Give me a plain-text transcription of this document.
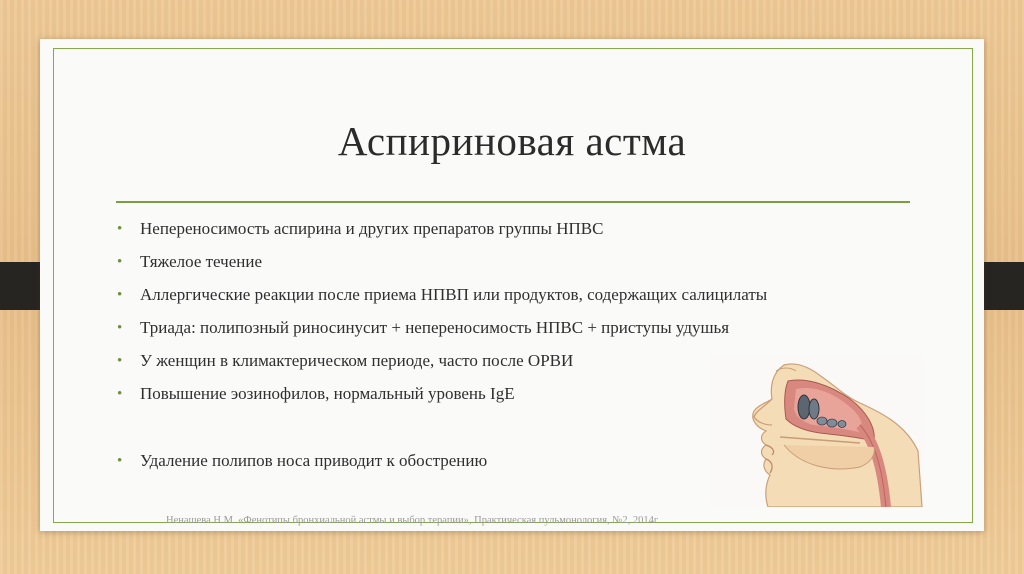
Аспириновая астма
• Непереносимость аспирина и других препаратов группы НПВС
• Тяжелое течение
• Аллергические реакции после приема НПВП или продуктов, содержащих салицилаты
• Триада: полипозный риносинусит + непереносимость НПВС + приступы удушья
• У женщин в климактерическом периоде, часто после ОРВИ
• Повышение эозинофилов, нормальный уровень IgE
• Удаление полипов носа приводит к обострению
Ненашева Н.М. «Фенотипы бронхиальной астмы и выбор терапии», Практическая пульмонология, №2, 2014г
